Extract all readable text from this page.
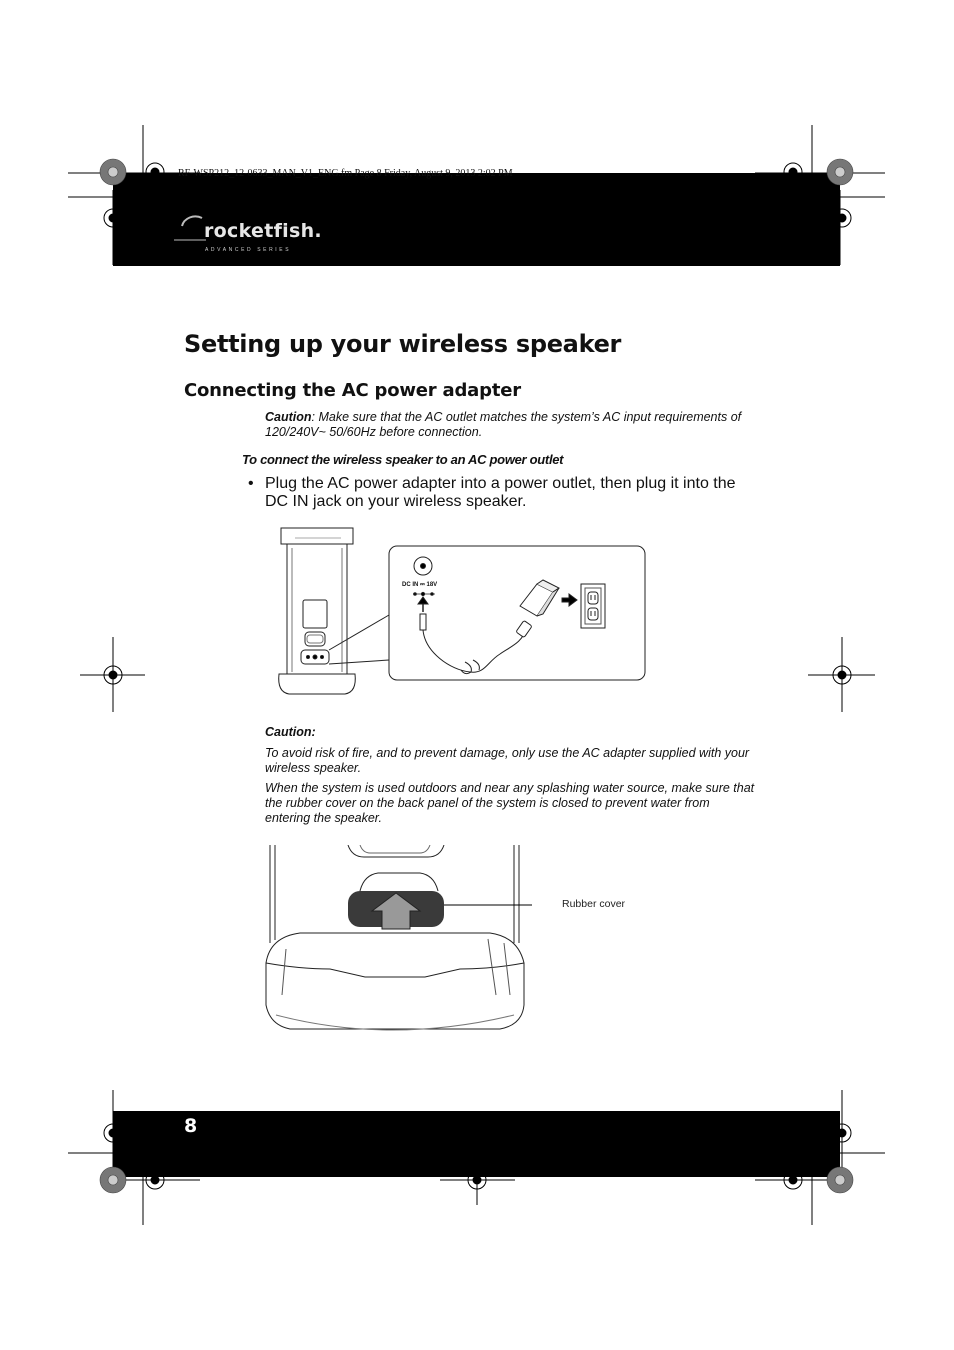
RF-WSP212_12-0633_MAN_V1_ENG.fm Page 8 Friday, August 9, 2013 2:02 PM
rocketfish.
ADVANCED SERIES
Setting up your wireless speaker
Connecting the AC power adapter
Caution: Make sure that the AC outlet matches the system’s AC input requirements of 120/240V~ 50/60Hz before connection.
To connect the wireless speaker to an AC power outlet
• Plug the AC power adapter into a power outlet, then plug it into the DC IN jack on your wireless speaker.
DC IN ⎓ 18V
Caution:
To avoid risk of fire, and to prevent damage, only use the AC adapter supplied with your wireless speaker.
When the system is used outdoors and near any splashing water source, make sure that the rubber cover on the back panel of the system is closed to prevent water from entering the speaker.
Rubber cover
8
